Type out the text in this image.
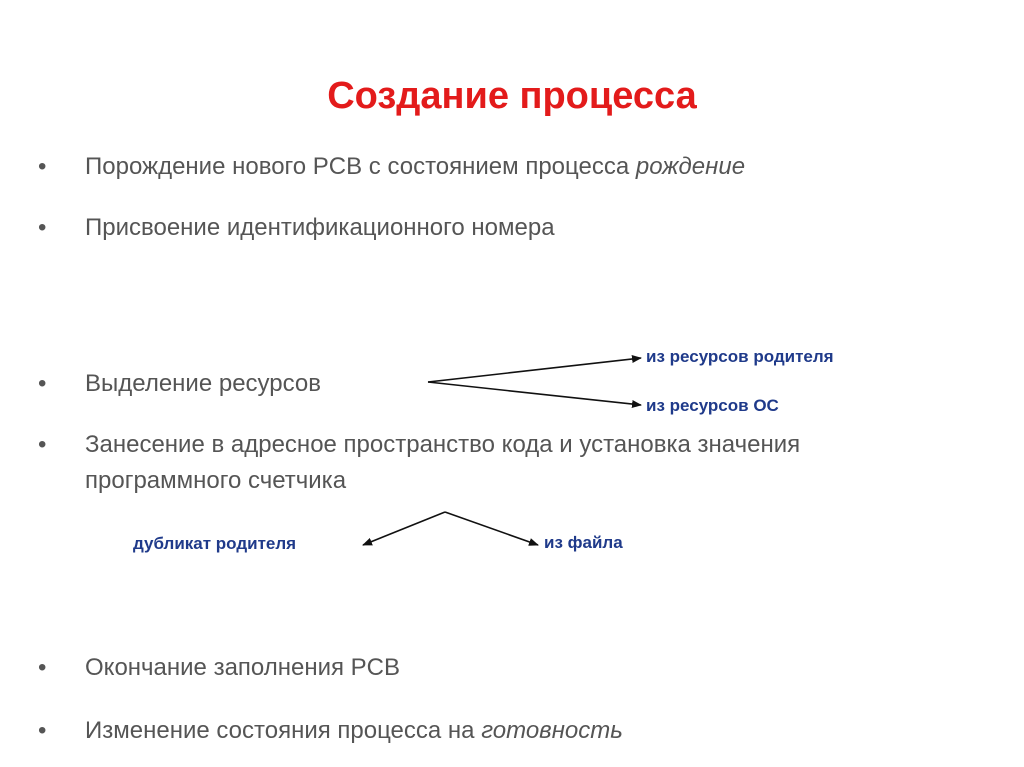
Создание процесса
•	Порождение нового PCB с состоянием процесса рождение
•	Присвоение идентификационного номера
•	Выделение ресурсов
•	Занесение в адресное пространство кода и установка значения программного счетчика
•	Окончание заполнения PCB
•	Изменение состояния процесса на готовность
из ресурсов родителя
из ресурсов ОС
дубликат родителя	из файла
